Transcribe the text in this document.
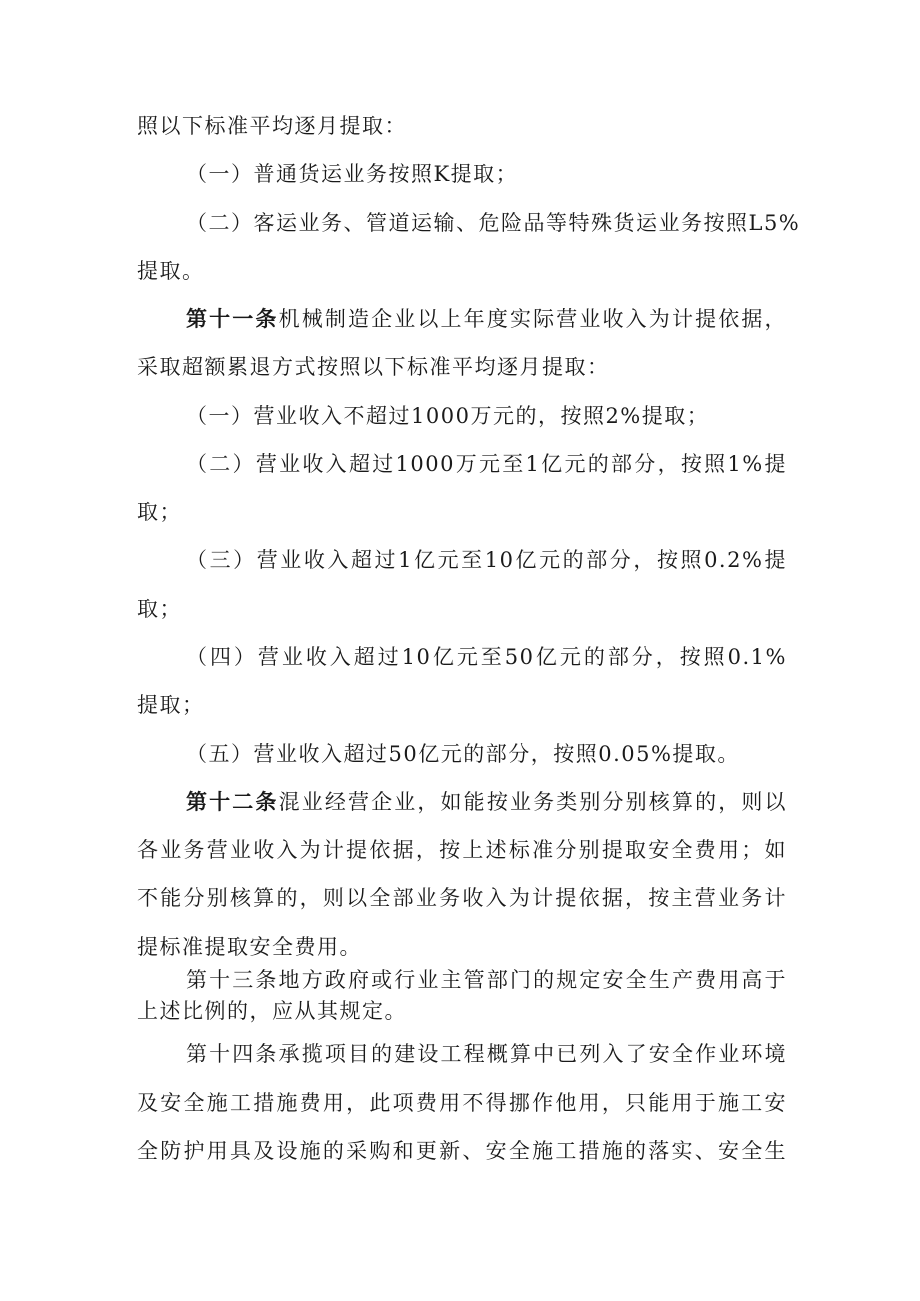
照以下标准平均逐月提取：
（一）普通货运业务按照K提取；
（二）客运业务、管道运输、危险品等特殊货运业务按照L5%
提取。
第十一条机械制造企业以上年度实际营业收入为计提依据，
采取超额累退方式按照以下标准平均逐月提取：
（一）营业收入不超过1000万元的，按照2%提取；
（二）营业收入超过1000万元至1亿元的部分，按照1%提
取；
（三）营业收入超过1亿元至10亿元的部分，按照0.2%提
取；
（四）营业收入超过10亿元至50亿元的部分，按照0.1%
提取；
（五）营业收入超过50亿元的部分，按照0.05%提取。
第十二条混业经营企业，如能按业务类别分别核算的，则以
各业务营业收入为计提依据，按上述标准分别提取安全费用；如
不能分别核算的，则以全部业务收入为计提依据，按主营业务计
提标准提取安全费用。
第十三条地方政府或行业主管部门的规定安全生产费用高于
上述比例的，应从其规定。
第十四条承揽项目的建设工程概算中已列入了安全作业环境
及安全施工措施费用，此项费用不得挪作他用，只能用于施工安
全防护用具及设施的采购和更新、安全施工措施的落实、安全生
